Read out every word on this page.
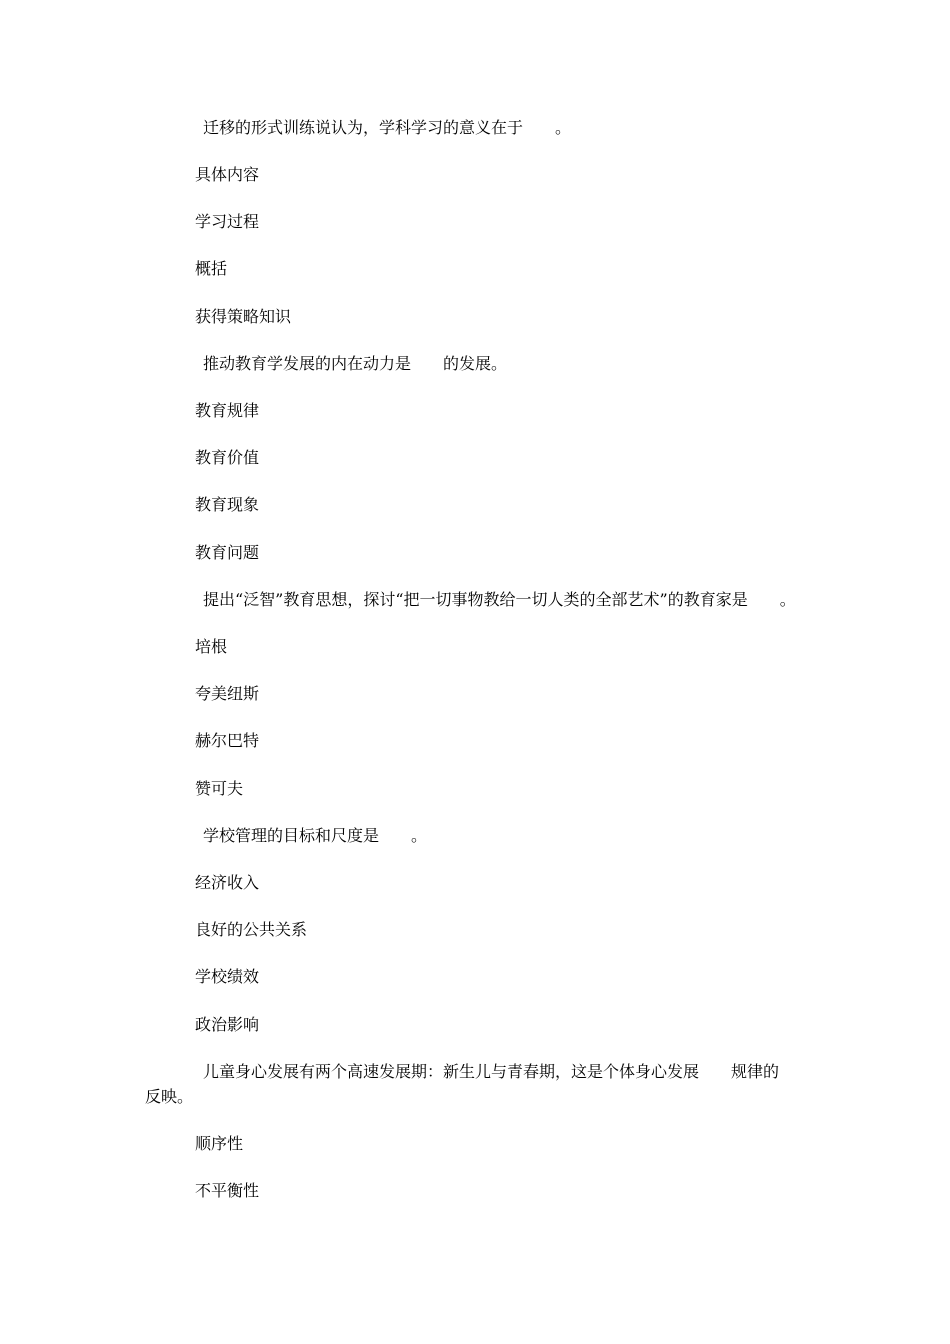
迁移的形式训练说认为，学科学习的意义在于　　。
具体内容
学习过程
概括
获得策略知识
推动教育学发展的内在动力是　　的发展。
教育规律
教育价值
教育现象
教育问题
提出“泛智”教育思想，探讨“把一切事物教给一切人类的全部艺术”的教育家是　　。
培根
夸美纽斯
赫尔巴特
赞可夫
学校管理的目标和尺度是　　。
经济收入
良好的公共关系
学校绩效
政治影响
儿童身心发展有两个高速发展期：新生儿与青春期，这是个体身心发展　　规律的
反映。
顺序性
不平衡性
